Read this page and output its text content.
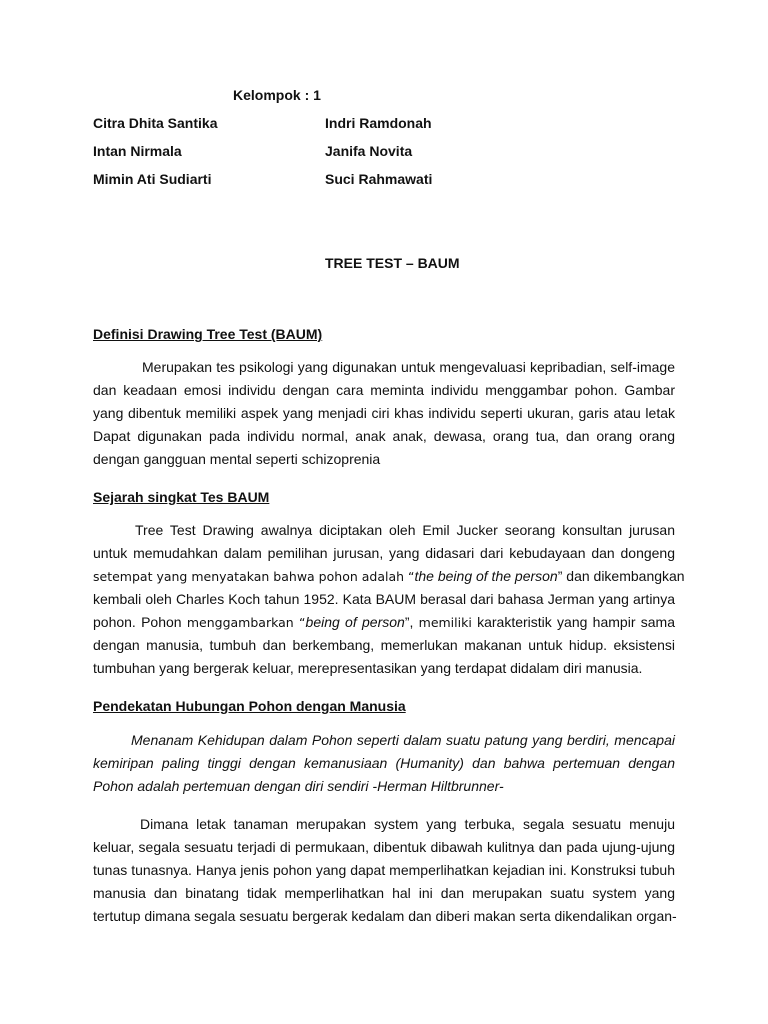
Kelompok : 1
Citra Dhita Santika	Indri Ramdonah
Intan Nirmala	Janifa Novita
Mimin Ati Sudiarti	Suci Rahmawati
TREE TEST – BAUM
Definisi Drawing Tree Test (BAUM)
Merupakan tes psikologi yang digunakan untuk mengevaluasi kepribadian, self-image
dan keadaan emosi individu dengan cara meminta individu menggambar pohon. Gambar
yang dibentuk memiliki aspek yang menjadi ciri khas individu seperti ukuran, garis atau letak
Dapat digunakan pada individu normal, anak anak, dewasa, orang tua, dan orang orang
dengan gangguan mental seperti schizoprenia
Sejarah singkat Tes BAUM
Tree Test Drawing awalnya diciptakan oleh Emil Jucker seorang konsultan jurusan
untuk memudahkan dalam pemilihan jurusan, yang didasari dari kebudayaan dan dongeng
setempat yang menyatakan bahwa pohon adalah “the being of the person” dan dikembangkan
kembali oleh Charles Koch tahun 1952. Kata BAUM berasal dari bahasa Jerman yang artinya
pohon. Pohon menggambarkan “being of person”, memiliki karakteristik yang hampir sama
dengan manusia, tumbuh dan berkembang, memerlukan makanan untuk hidup. eksistensi
tumbuhan yang bergerak keluar, merepresentasikan yang terdapat didalam diri manusia.
Pendekatan Hubungan Pohon dengan Manusia
Menanam Kehidupan dalam Pohon seperti dalam suatu patung yang berdiri, mencapai
kemiripan paling tinggi dengan kemanusiaan (Humanity) dan bahwa pertemuan dengan
Pohon adalah pertemuan dengan diri sendiri -Herman Hiltbrunner-
Dimana letak tanaman merupakan system yang terbuka, segala sesuatu menuju
keluar, segala sesuatu terjadi di permukaan, dibentuk dibawah kulitnya dan pada ujung-ujung
tunas tunasnya. Hanya jenis pohon yang dapat memperlihatkan kejadian ini. Konstruksi tubuh
manusia dan binatang tidak memperlihatkan hal ini dan merupakan suatu system yang
tertutup dimana segala sesuatu bergerak kedalam dan diberi makan serta dikendalikan organ-
